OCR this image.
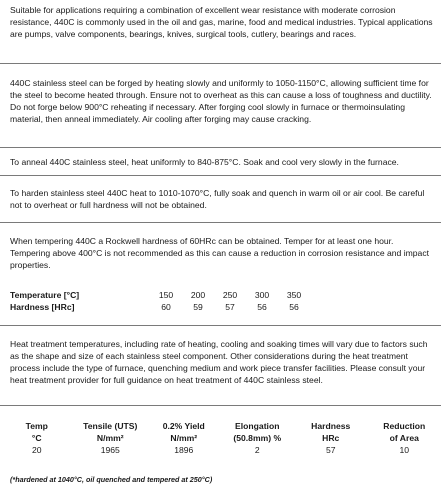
Suitable for applications requiring a combination of excellent wear resistance with moderate corrosion resistance, 440C is commonly used in the oil and gas, marine, food and medical industries. Typical applications are pumps, valve components, bearings, knives, surgical tools, cutlery, bearings and races.

440C stainless steel can be forged by heating slowly and uniformly to 1050-1150°C, allowing sufficient time for the steel to become heated through. Ensure not to overheat as this can cause a loss of toughness and ductility. Do not forge below 900°C reheating if necessary. After forging cool slowly in furnace or thermoinsulating material, then anneal immediately. Air cooling after forging may cause cracking.

To anneal 440C stainless steel, heat uniformly to 840-875°C. Soak and cool very slowly in the furnace.

To harden stainless steel 440C heat to 1010-1070°C, fully soak and quench in warm oil or air cool. Be careful not to overheat or full hardness will not be obtained.

When tempering 440C a Rockwell hardness of 60HRc can be obtained. Temper for at least one hour. Tempering above 400°C is not recommended as this can cause a reduction in corrosion resistance and impact properties.

Temperature [°C]	150	200	250	300	350
Hardness [HRc]	60	59	57	56	56

Heat treatment temperatures, including rate of heating, cooling and soaking times will vary due to factors such as the shape and size of each stainless steel component. Other considerations during the heat treatment process include the type of furnace, quenching medium and work piece transfer facilities. Please consult your heat treatment provider for full guidance on heat treatment of 440C stainless steel.

Temp	Tensile (UTS)	0.2% Yield	Elongation	Hardness	Reduction
°C	N/mm²	N/mm²	(50.8mm) %	HRc	of Area
20	1965	1896	2	57	10
(*hardened at 1040°C, oil quenched and tempered at 250°C)
